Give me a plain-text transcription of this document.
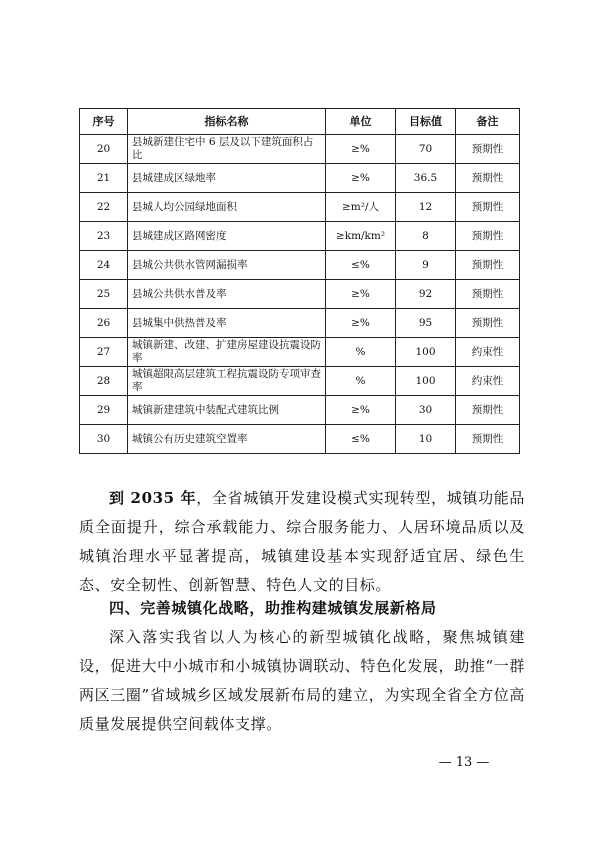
序号	指标名称	单位	目标值	备注
20	县城新建住宅中 6 层及以下建筑面积占比	≥%	70	预期性
21	县城建成区绿地率	≥%	36.5	预期性
22	县城人均公园绿地面积	≥m²/人	12	预期性
23	县城建成区路网密度	≥km/km²	8	预期性
24	县城公共供水管网漏损率	≤%	9	预期性
25	县城公共供水普及率	≥%	92	预期性
26	县城集中供热普及率	≥%	95	预期性
27	城镇新建、改建、扩建房屋建设抗震设防率	%	100	约束性
28	城镇超限高层建筑工程抗震设防专项审查率	%	100	约束性
29	城镇新建建筑中装配式建筑比例	≥%	30	预期性
30	城镇公有历史建筑空置率	≤%	10	预期性

到 2035 年，全省城镇开发建设模式实现转型，城镇功能品质全面提升，综合承载能力、综合服务能力、人居环境品质以及城镇治理水平显著提高，城镇建设基本实现舒适宜居、绿色生态、安全韧性、创新智慧、特色人文的目标。

四、完善城镇化战略，助推构建城镇发展新格局

深入落实我省以人为核心的新型城镇化战略，聚焦城镇建设，促进大中小城市和小城镇协调联动、特色化发展，助推“一群两区三圈”省域城乡区域发展新布局的建立，为实现全省全方位高质量发展提供空间载体支撑。

— 13 —
